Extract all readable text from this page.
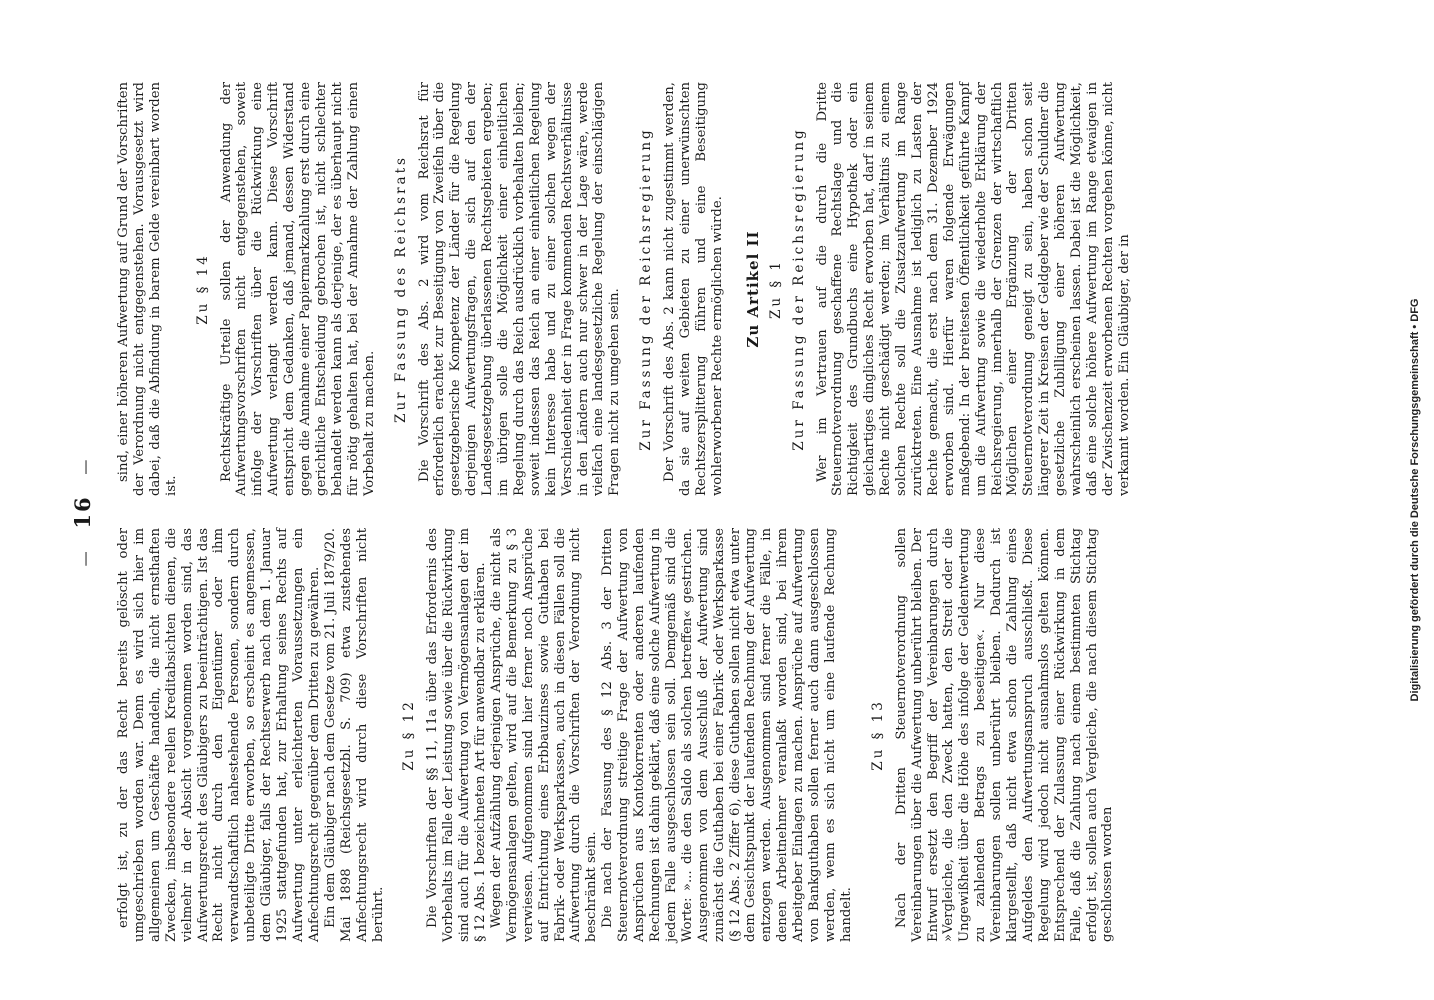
— 16 —

erfolgt ist, zu der das Recht bereits gelöscht oder umgeschrieben worden war. Denn es wird sich hier im allgemeinen um Geschäfte handeln, die nicht ernsthaften Zwecken, insbesondere reellen Kreditabsichten dienen, die vielmehr in der Absicht vorgenommen worden sind, das Aufwertungsrecht des Gläubigers zu beeinträchtigen. Ist das Recht nicht durch den Eigentümer oder ihm verwandtschaftlich nahestehende Personen, sondern durch unbeteiligte Dritte erworben, so erscheint es angemessen, dem Gläubiger, falls der Rechtserwerb nach dem 1. Januar 1925 stattgefunden hat, zur Erhaltung seines Rechts auf Aufwertung unter erleichterten Voraussetzungen ein Anfechtungsrecht gegenüber dem Dritten zu gewähren. Ein dem Gläubiger nach dem Gesetze vom 21. Juli 1879/20. Mai 1898 (Reichsgesetzbl. S. 709) etwa zustehendes Anfechtungsrecht wird durch diese Vorschriften nicht berührt.

Zu § 12 Die Vorschriften der §§ 11, 11a über das Erfordernis des Vorbehalts im Falle der Leistung sowie über die Rückwirkung sind auch für die Aufwertung von Vermögensanlagen der im § 12 Abs. 1 bezeichneten Art für anwendbar zu erklären. Wegen der Aufzählung derjenigen Ansprüche, die nicht als Vermögensanlagen gelten, wird auf die Bemerkung zu § 3 verwiesen. Aufgenommen sind hier ferner noch Ansprüche auf Entrichtung eines Erbbauzinses sowie Guthaben bei Fabrik- oder Werksparkassen, auch in diesen Fällen soll die Aufwertung durch die Vorschriften der Verordnung nicht beschränkt sein. Die nach der Fassung des § 12 Abs. 3 der Dritten Steuernotverordnung streitige Frage der Aufwertung von Ansprüchen aus Kontokorrenten oder anderen laufenden Rechnungen ist dahin geklärt, daß eine solche Aufwertung in jedem Falle ausgeschlossen sein soll. Demgemäß sind die Worte: »... die den Saldo als solchen betreffen« gestrichen. Ausgenommen von dem Ausschluß der Aufwertung sind zunächst die Guthaben bei einer Fabrik- oder Werksparkasse (§ 12 Abs. 2 Ziffer 6), diese Guthaben sollen nicht etwa unter dem Gesichtspunkt der laufenden Rechnung der Aufwertung entzogen werden. Ausgenommen sind ferner die Fälle, in denen Arbeitnehmer veranlaßt worden sind, bei ihrem Arbeitgeber Einlagen zu machen. Ansprüche auf Aufwertung von Bankguthaben sollen ferner auch dann ausgeschlossen werden, wenn es sich nicht um eine laufende Rechnung handelt.

Zu § 13 Nach der Dritten Steuernotverordnung sollen Vereinbarungen über die Aufwertung unberührt bleiben. Der Entwurf ersetzt den Begriff der Vereinbarungen durch »Vergleiche, die den Zweck hatten, den Streit oder die Ungewißheit über die Höhe des infolge der Geldentwertung zu zahlenden Betrags zu beseitigen«. Nur diese Vereinbarungen sollen unberührt bleiben. Dadurch ist klargestellt, daß nicht etwa schon die Zahlung eines Aufgeldes den Aufwertungsanspruch ausschließt. Diese Regelung wird jedoch nicht ausnahmslos gelten können. Entsprechend der Zulassung einer Rückwirkung in dem Falle, daß die Zahlung nach einem bestimmten Stichtag erfolgt ist, sollen auch Vergleiche, die nach diesem Stichtag geschlossen worden

sind, einer höheren Aufwertung auf Grund der Vorschriften der Verordnung nicht entgegenstehen. Vorausgesetzt wird dabei, daß die Abfindung in barem Gelde vereinbart worden ist.

Zu § 14 Rechtskräftige Urteile sollen der Anwendung der Aufwertungsvorschriften nicht entgegenstehen, soweit infolge der Vorschriften über die Rückwirkung eine Aufwertung verlangt werden kann. Diese Vorschrift entspricht dem Gedanken, daß jemand, dessen Widerstand gegen die Annahme einer Papiermarkzahlung erst durch eine gerichtliche Entscheidung gebrochen ist, nicht schlechter behandelt werden kann als derjenige, der es überhaupt nicht für nötig gehalten hat, bei der Annahme der Zahlung einen Vorbehalt zu machen.

Zur Fassung des Reichsrats Die Vorschrift des Abs. 2 wird vom Reichsrat für erforderlich erachtet zur Beseitigung von Zweifeln über die gesetzgeberische Kompetenz der Länder für die Regelung derjenigen Aufwertungsfragen, die sich auf den der Landesgesetzgebung überlassenen Rechtsgebieten ergeben; im übrigen solle die Möglichkeit einer einheitlichen Regelung durch das Reich ausdrücklich vorbehalten bleiben; soweit indessen das Reich an einer einheitlichen Regelung kein Interesse habe und zu einer solchen wegen der Verschiedenheit der in Frage kommenden Rechtsverhältnisse in den Ländern auch nur schwer in der Lage wäre, werde vielfach eine landesgesetzliche Regelung der einschlägigen Fragen nicht zu umgehen sein. Zur Fassung der Reichsregierung Der Vorschrift des Abs. 2 kann nicht zugestimmt werden, da sie auf weiten Gebieten zu einer unerwünschten Rechtszersplitterung führen und eine Beseitigung wohlerworbener Rechte ermöglichen würde. Zu Artikel II Zu § 1 Zur Fassung der Reichsregierung Wer im Vertrauen auf die durch die Dritte Steuernotverordnung geschaffene Rechtslage und die Richtigkeit des Grundbuchs eine Hypothek oder ein gleichartiges dingliches Recht erworben hat, darf in seinem Rechte nicht geschädigt werden; im Verhältnis zu einem solchen Rechte soll die Zusatzaufwertung im Range zurücktreten. Eine Ausnahme ist lediglich zu Lasten der Rechte gemacht, die erst nach dem 31. Dezember 1924 erworben sind. Hierfür waren folgende Erwägungen maßgebend: In der breitesten Öffentlichkeit geführte Kampf um die Aufwertung sowie die wiederholte Erklärung der Reichsregierung, innerhalb der Grenzen der wirtschaftlich Möglichen einer Ergänzung der Dritten Steuernotverordnung geneigt zu sein, haben schon seit längerer Zeit in Kreisen der Geldgeber wie der Schuldner die gesetzliche Zubilligung einer höheren Aufwertung wahrscheinlich erscheinen lassen. Dabei ist die Möglichkeit, daß eine solche höhere Aufwertung im Range etwaigen in der Zwischenzeit erworbenen Rechten vorgehen könne, nicht verkannt worden. Ein Gläubiger, der in	Digitalisierung gefördert durch die Deutsche Forschungsgemeinschaft • DFG
